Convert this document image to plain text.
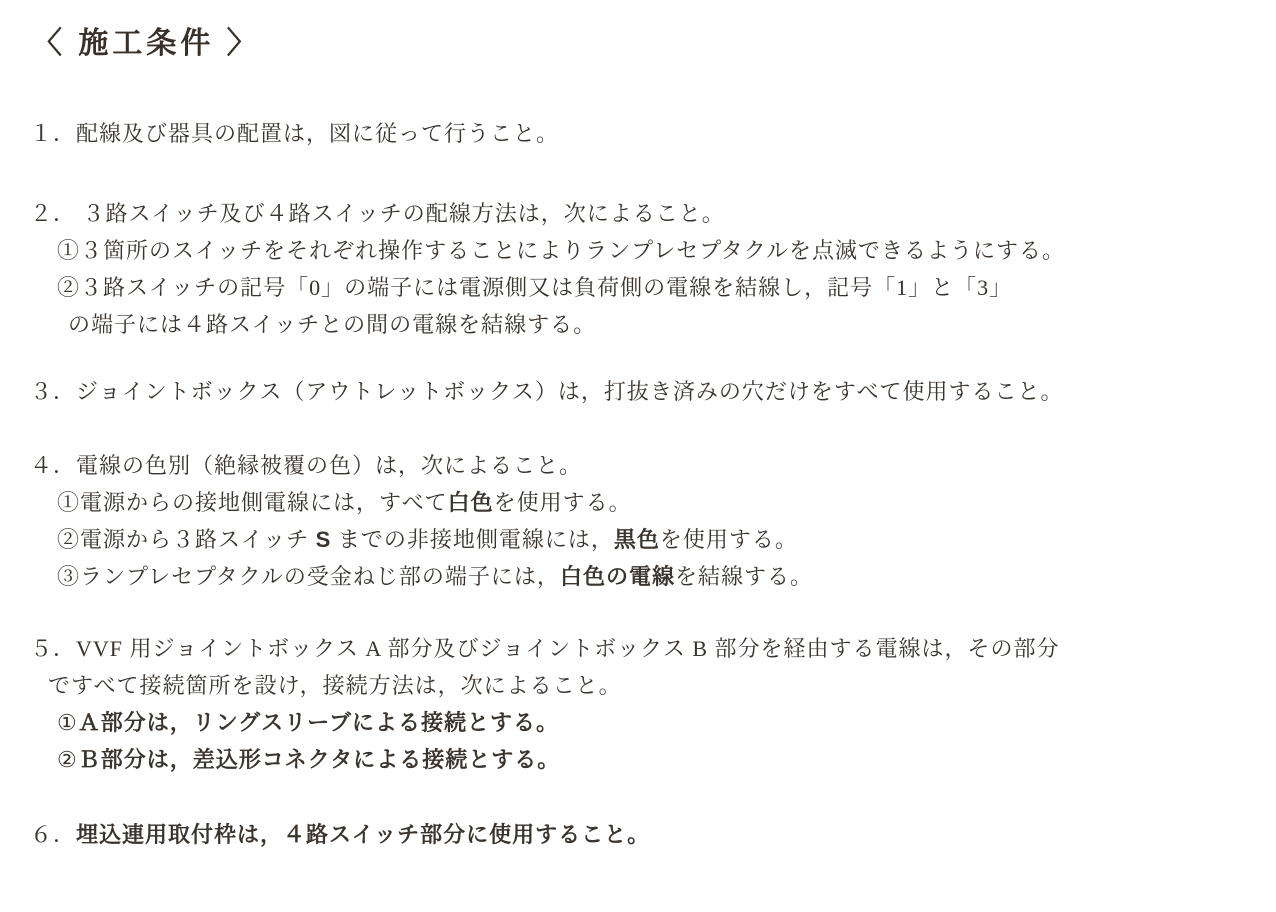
〈 施工条件 〉
１．配線及び器具の配置は，図に従って行うこと。
２． ３路スイッチ及び４路スイッチの配線方法は，次によること。
①３箇所のスイッチをそれぞれ操作することによりランプレセプタクルを点滅できるようにする。
②３路スイッチの記号「0」の端子には電源側又は負荷側の電線を結線し，記号「1」と「3」
の端子には４路スイッチとの間の電線を結線する。
３．ジョイントボックス（アウトレットボックス）は，打抜き済みの穴だけをすべて使用すること。
４．電線の色別（絶縁被覆の色）は，次によること。
①電源からの接地側電線には，すべて白色を使用する。
②電源から３路スイッチ S までの非接地側電線には，黒色を使用する。
③ランプレセプタクルの受金ねじ部の端子には，白色の電線を結線する。
５．VVF 用ジョイントボックス A 部分及びジョイントボックス B 部分を経由する電線は，その部分
ですべて接続箇所を設け，接続方法は，次によること。
①Ａ部分は，リングスリーブによる接続とする。
②Ｂ部分は，差込形コネクタによる接続とする。
６．埋込連用取付枠は，４路スイッチ部分に使用すること。
